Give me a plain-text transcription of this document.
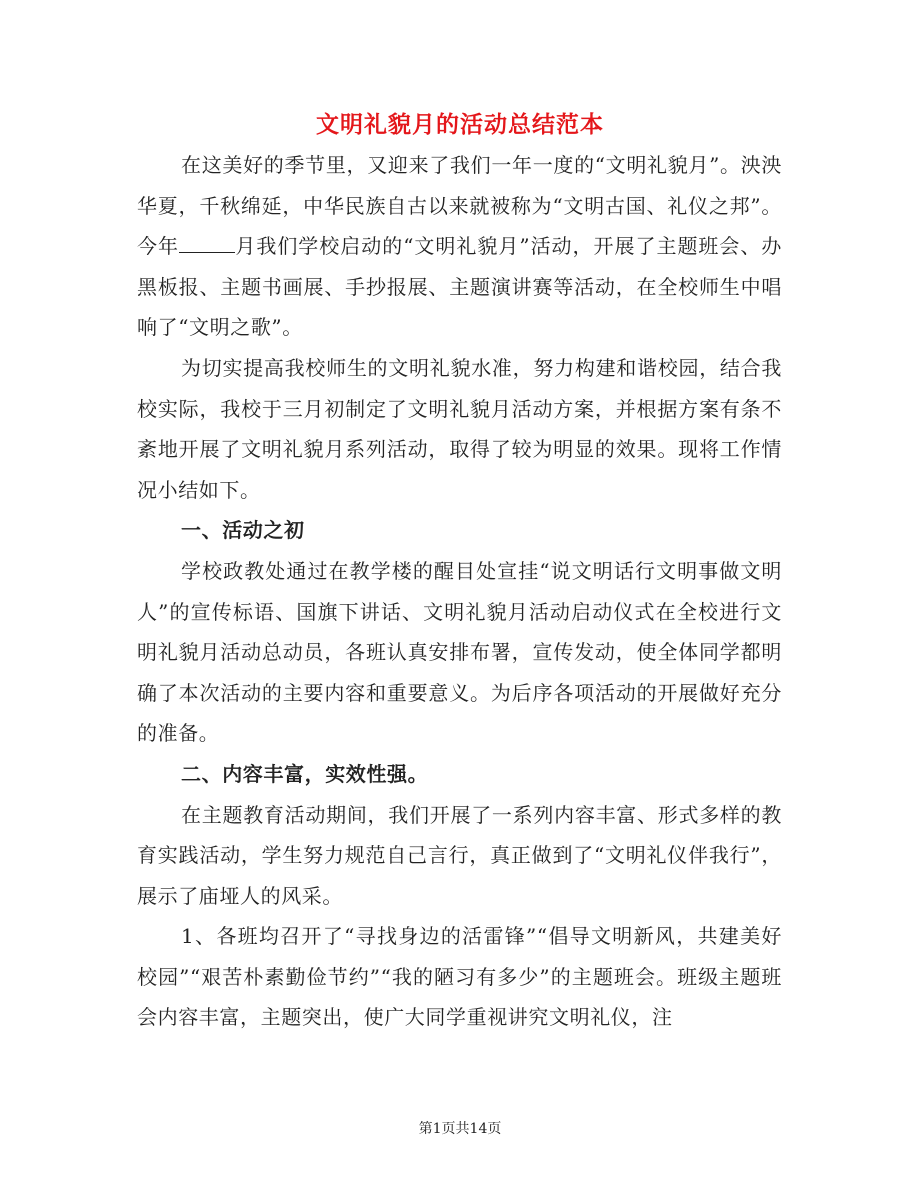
文明礼貌月的活动总结范本

在这美好的季节里，又迎来了我们一年一度的“文明礼貌月”。泱泱华夏，千秋绵延，中华民族自古以来就被称为“文明古国、礼仪之邦”。今年	月我们学校启动的“文明礼貌月”活动，开展了主题班会、办黑板报、主题书画展、手抄报展、主题演讲赛等活动，在全校师生中唱响了“文明之歌”。

为切实提高我校师生的文明礼貌水准，努力构建和谐校园，结合我校实际，我校于三月初制定了文明礼貌月活动方案，并根据方案有条不紊地开展了文明礼貌月系列活动，取得了较为明显的效果。现将工作情况小结如下。

一、活动之初

学校政教处通过在教学楼的醒目处宣挂“说文明话行文明事做文明人”的宣传标语、国旗下讲话、文明礼貌月活动启动仪式在全校进行文明礼貌月活动总动员，各班认真安排布署，宣传发动，使全体同学都明确了本次活动的主要内容和重要意义。为后序各项活动的开展做好充分的准备。

二、内容丰富，实效性强。

在主题教育活动期间，我们开展了一系列内容丰富、形式多样的教育实践活动，学生努力规范自己言行，真正做到了“文明礼仪伴我行”，展示了庙垭人的风采。

1、各班均召开了“寻找身边的活雷锋”“倡导文明新风，共建美好校园”“艰苦朴素勤俭节约”“我的陋习有多少”的主题班会。班级主题班会内容丰富，主题突出，使广大同学重视讲究文明礼仪，注

第1页共14页
